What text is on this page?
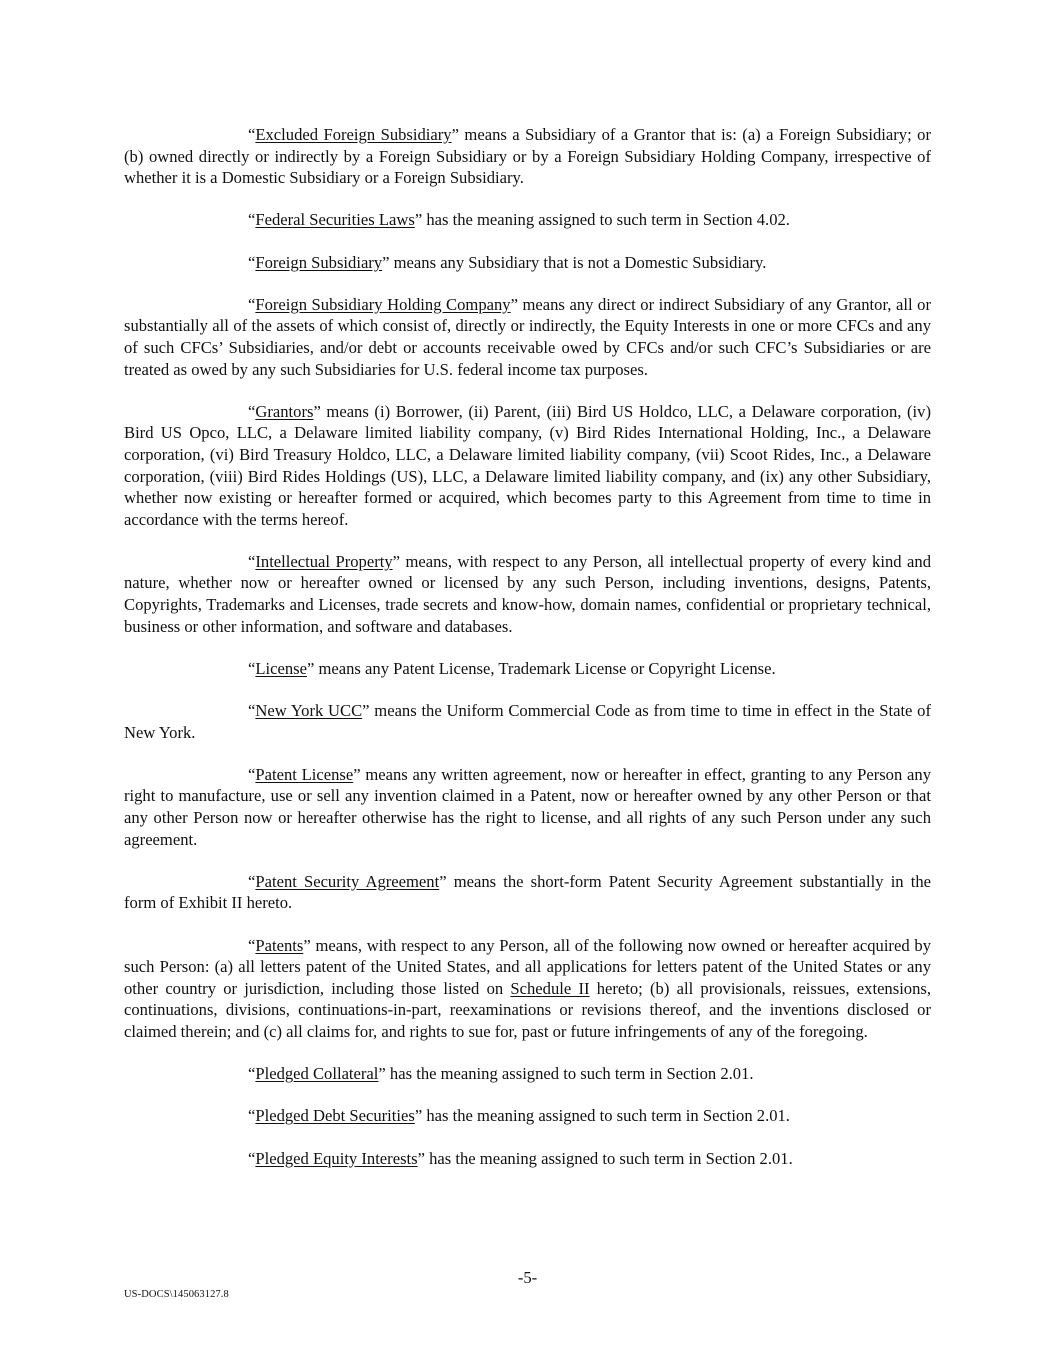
“Excluded Foreign Subsidiary” means a Subsidiary of a Grantor that is: (a) a Foreign Subsidiary; or (b) owned directly or indirectly by a Foreign Subsidiary or by a Foreign Subsidiary Holding Company, irrespective of whether it is a Domestic Subsidiary or a Foreign Subsidiary.

“Federal Securities Laws” has the meaning assigned to such term in Section 4.02.

“Foreign Subsidiary” means any Subsidiary that is not a Domestic Subsidiary.

“Foreign Subsidiary Holding Company” means any direct or indirect Subsidiary of any Grantor, all or substantially all of the assets of which consist of, directly or indirectly, the Equity Interests in one or more CFCs and any of such CFCs’ Subsidiaries, and/or debt or accounts receivable owed by CFCs and/or such CFC’s Subsidiaries or are treated as owed by any such Subsidiaries for U.S. federal income tax purposes.

“Grantors” means (i) Borrower, (ii) Parent, (iii) Bird US Holdco, LLC, a Delaware corporation, (iv) Bird US Opco, LLC, a Delaware limited liability company, (v) Bird Rides International Holding, Inc., a Delaware corporation, (vi) Bird Treasury Holdco, LLC, a Delaware limited liability company, (vii) Scoot Rides, Inc., a Delaware corporation, (viii) Bird Rides Holdings (US), LLC, a Delaware limited liability company, and (ix) any other Subsidiary, whether now existing or hereafter formed or acquired, which becomes party to this Agreement from time to time in accordance with the terms hereof.

“Intellectual Property” means, with respect to any Person, all intellectual property of every kind and nature, whether now or hereafter owned or licensed by any such Person, including inventions, designs, Patents, Copyrights, Trademarks and Licenses, trade secrets and know-how, domain names, confidential or proprietary technical, business or other information, and software and databases.

“License” means any Patent License, Trademark License or Copyright License.

“New York UCC” means the Uniform Commercial Code as from time to time in effect in the State of New York.

“Patent License” means any written agreement, now or hereafter in effect, granting to any Person any right to manufacture, use or sell any invention claimed in a Patent, now or hereafter owned by any other Person or that any other Person now or hereafter otherwise has the right to license, and all rights of any such Person under any such agreement.

“Patent Security Agreement” means the short-form Patent Security Agreement substantially in the form of Exhibit II hereto.

“Patents” means, with respect to any Person, all of the following now owned or hereafter acquired by such Person: (a) all letters patent of the United States, and all applications for letters patent of the United States or any other country or jurisdiction, including those listed on Schedule II hereto; (b) all provisionals, reissues, extensions, continuations, divisions, continuations-in-part, reexaminations or revisions thereof, and the inventions disclosed or claimed therein; and (c) all claims for, and rights to sue for, past or future infringements of any of the foregoing.

“Pledged Collateral” has the meaning assigned to such term in Section 2.01.

“Pledged Debt Securities” has the meaning assigned to such term in Section 2.01.

“Pledged Equity Interests” has the meaning assigned to such term in Section 2.01.

-5-
US-DOCS\145063127.8
